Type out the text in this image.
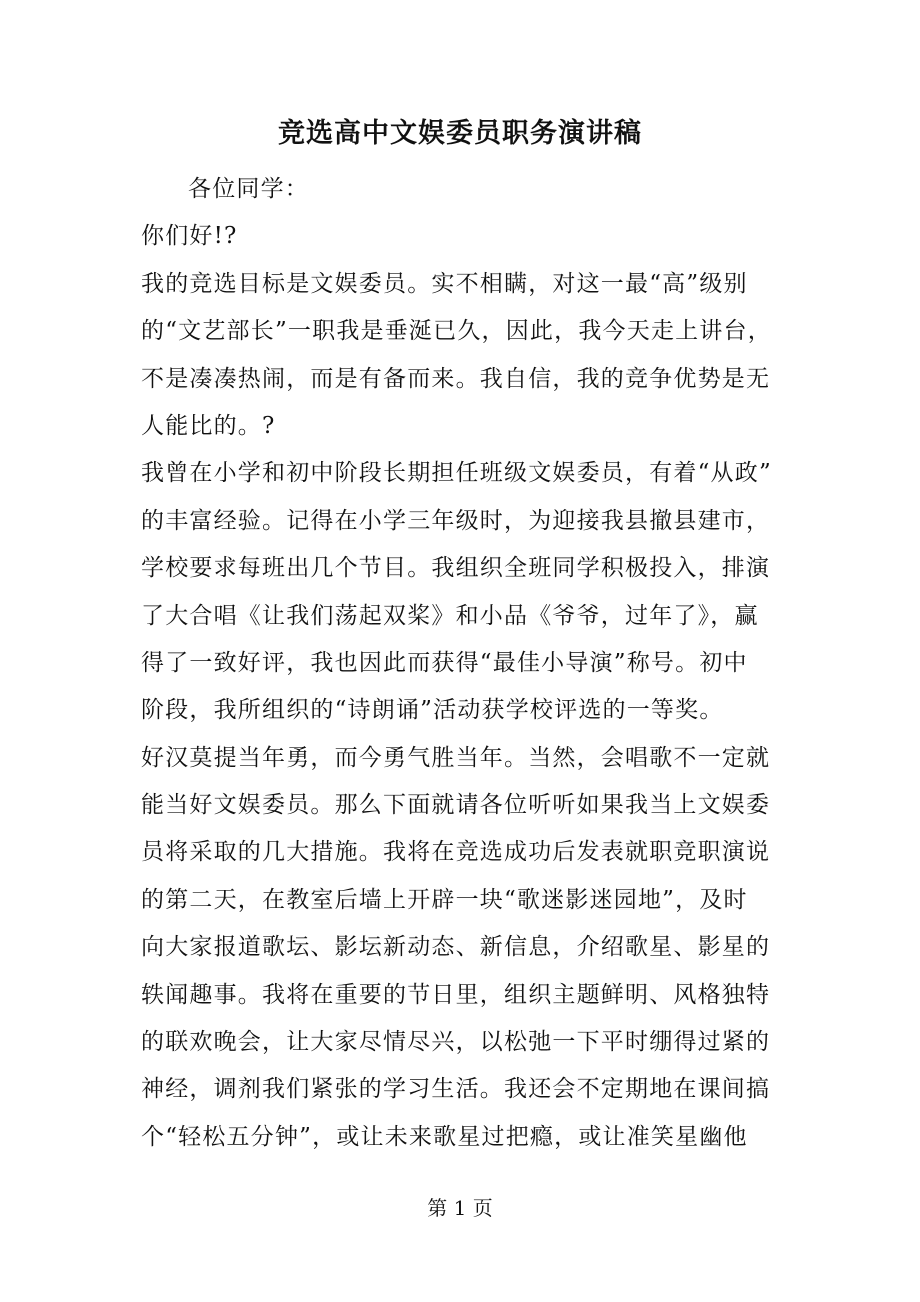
竞选高中文娱委员职务演讲稿
各位同学：
你们好!?
我的竞选目标是文娱委员。实不相瞒，对这一最“高”级别
的“文艺部长”一职我是垂涎已久，因此，我今天走上讲台，
不是凑凑热闹，而是有备而来。我自信，我的竞争优势是无
人能比的。?
我曾在小学和初中阶段长期担任班级文娱委员，有着“从政”
的丰富经验。记得在小学三年级时，为迎接我县撤县建市，
学校要求每班出几个节目。我组织全班同学积极投入，排演
了大合唱《让我们荡起双桨》和小品《爷爷，过年了》，赢
得了一致好评，我也因此而获得“最佳小导演”称号。初中
阶段，我所组织的“诗朗诵”活动获学校评选的一等奖。
好汉莫提当年勇，而今勇气胜当年。当然，会唱歌不一定就
能当好文娱委员。那么下面就请各位听听如果我当上文娱委
员将采取的几大措施。我将在竞选成功后发表就职竞职演说
的第二天，在教室后墙上开辟一块“歌迷影迷园地”，及时
向大家报道歌坛、影坛新动态、新信息，介绍歌星、影星的
轶闻趣事。我将在重要的节日里，组织主题鲜明、风格独特
的联欢晚会，让大家尽情尽兴，以松弛一下平时绷得过紧的
神经，调剂我们紧张的学习生活。我还会不定期地在课间搞
个“轻松五分钟”，或让未来歌星过把瘾，或让准笑星幽他
第 1 页
